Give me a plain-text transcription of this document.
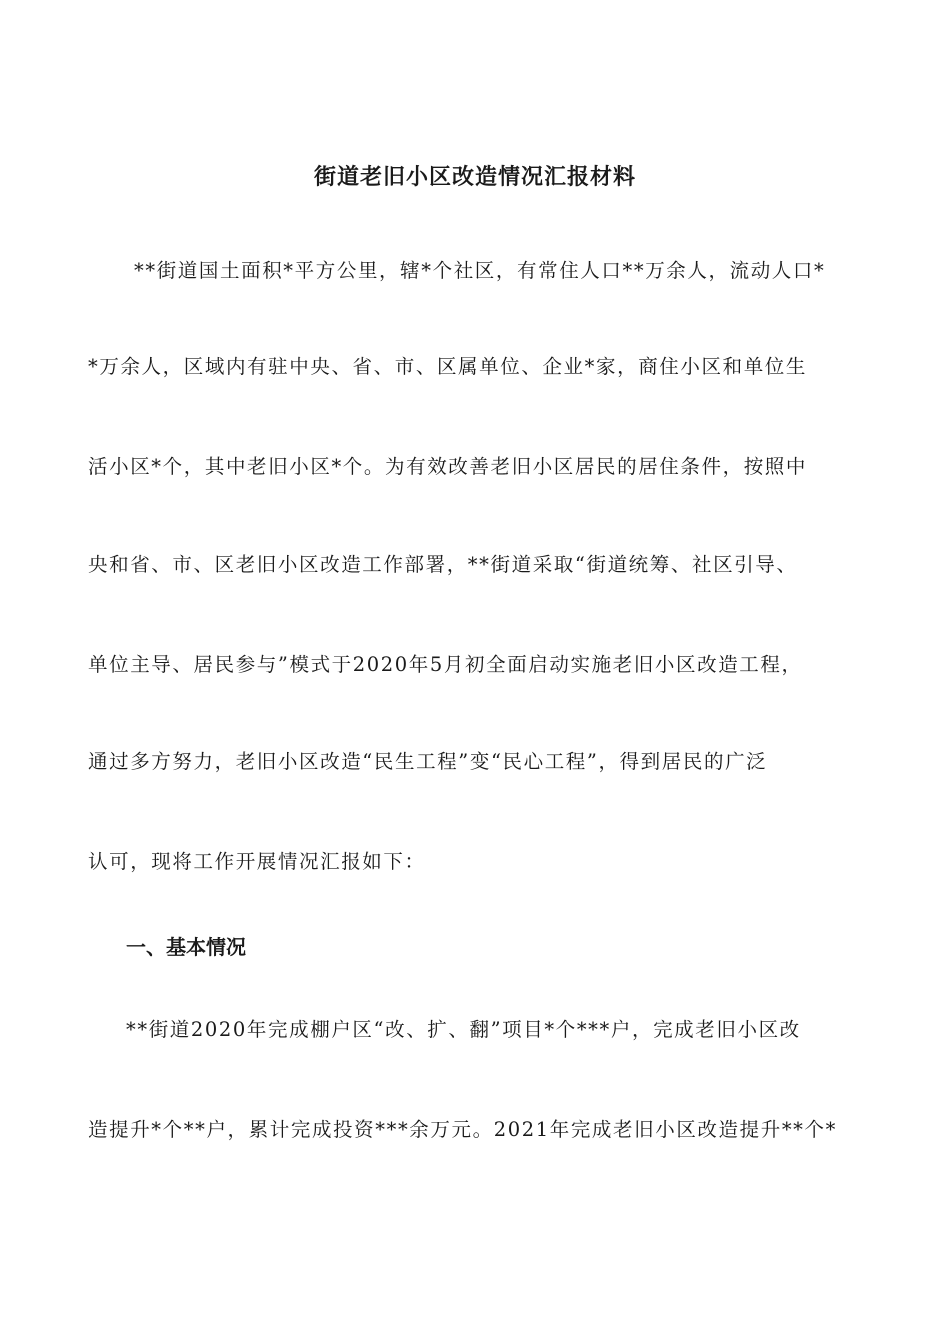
街道老旧小区改造情况汇报材料

**街道国土面积*平方公里，辖*个社区，有常住人口**万余人，流动人口*

*万余人，区域内有驻中央、省、市、区属单位、企业*家，商住小区和单位生

活小区*个，其中老旧小区*个。为有效改善老旧小区居民的居住条件，按照中

央和省、市、区老旧小区改造工作部署，**街道采取“街道统筹、社区引导、

单位主导、居民参与”模式于2020年5月初全面启动实施老旧小区改造工程，

通过多方努力，老旧小区改造“民生工程”变“民心工程”，得到居民的广泛

认可，现将工作开展情况汇报如下：

一、基本情况

**街道2020年完成棚户区“改、扩、翻”项目*个***户，完成老旧小区改

造提升*个**户，累计完成投资***余万元。2021年完成老旧小区改造提升**个*
